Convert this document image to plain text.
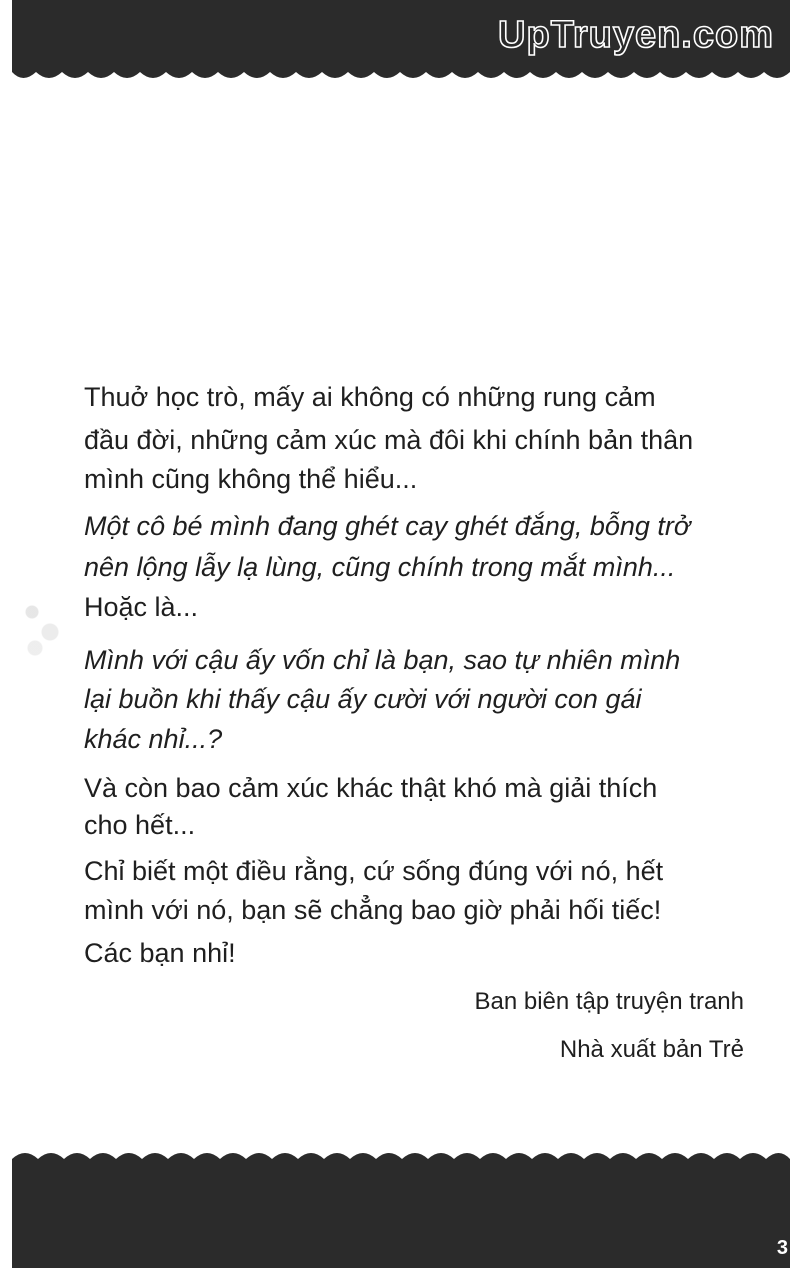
UpTruyen.com
Thuở học trò, mấy ai không có những rung cảm
đầu đời, những cảm xúc mà đôi khi chính bản thân
mình cũng không thể hiểu...
Một cô bé mình đang ghét cay ghét đắng, bỗng trở
nên lộng lẫy lạ lùng, cũng chính trong mắt mình...
Hoặc là...
Mình với cậu ấy vốn chỉ là bạn, sao tự nhiên mình
lại buồn khi thấy cậu ấy cười với người con gái
khác nhỉ...?
Và còn bao cảm xúc khác thật khó mà giải thích
cho hết...
Chỉ biết một điều rằng, cứ sống đúng với nó, hết
mình với nó, bạn sẽ chẳng bao giờ phải hối tiếc!
Các bạn nhỉ!
Ban biên tập truyện tranh
Nhà xuất bản Trẻ
3
